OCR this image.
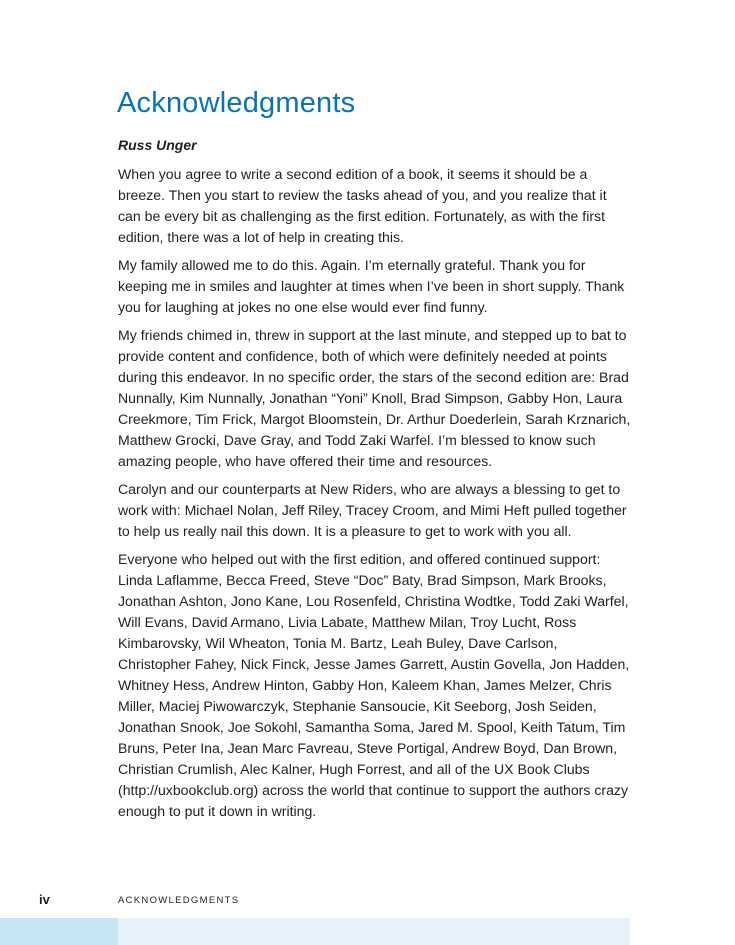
Acknowledgments

Russ Unger

When you agree to write a second edition of a book, it seems it should be a breeze. Then you start to review the tasks ahead of you, and you realize that it can be every bit as challenging as the first edition. Fortunately, as with the first edition, there was a lot of help in creating this.

My family allowed me to do this. Again. I’m eternally grateful. Thank you for keeping me in smiles and laughter at times when I’ve been in short supply. Thank you for laughing at jokes no one else would ever find funny.

My friends chimed in, threw in support at the last minute, and stepped up to bat to provide content and confidence, both of which were definitely needed at points during this endeavor. In no specific order, the stars of the second edition are: Brad Nunnally, Kim Nunnally, Jonathan “Yoni” Knoll, Brad Simpson, Gabby Hon, Laura Creekmore, Tim Frick, Margot Bloomstein, Dr. Arthur Doederlein, Sarah Krznarich, Matthew Grocki, Dave Gray, and Todd Zaki Warfel. I’m blessed to know such amazing people, who have offered their time and resources.

Carolyn and our counterparts at New Riders, who are always a blessing to get to work with: Michael Nolan, Jeff Riley, Tracey Croom, and Mimi Heft pulled together to help us really nail this down. It is a pleasure to get to work with you all.

Everyone who helped out with the first edition, and offered continued support: Linda Laflamme, Becca Freed, Steve “Doc” Baty, Brad Simpson, Mark Brooks, Jonathan Ashton, Jono Kane, Lou Rosenfeld, Christina Wodtke, Todd Zaki Warfel, Will Evans, David Armano, Livia Labate, Matthew Milan, Troy Lucht, Ross Kimbarovsky, Wil Wheaton, Tonia M. Bartz, Leah Buley, Dave Carlson, Christopher Fahey, Nick Finck, Jesse James Garrett, Austin Govella, Jon Hadden, Whitney Hess, Andrew Hinton, Gabby Hon, Kaleem Khan, James Melzer, Chris Miller, Maciej Piwowarczyk, Stephanie Sansoucie, Kit Seeborg, Josh Seiden, Jonathan Snook, Joe Sokohl, Samantha Soma, Jared M. Spool, Keith Tatum, Tim Bruns, Peter Ina, Jean Marc Favreau, Steve Portigal, Andrew Boyd, Dan Brown, Christian Crumlish, Alec Kalner, Hugh Forrest, and all of the UX Book Clubs (http://uxbookclub.org) across the world that continue to support the authors crazy enough to put it down in writing.

iv	ACKNOWLEDGMENTS
